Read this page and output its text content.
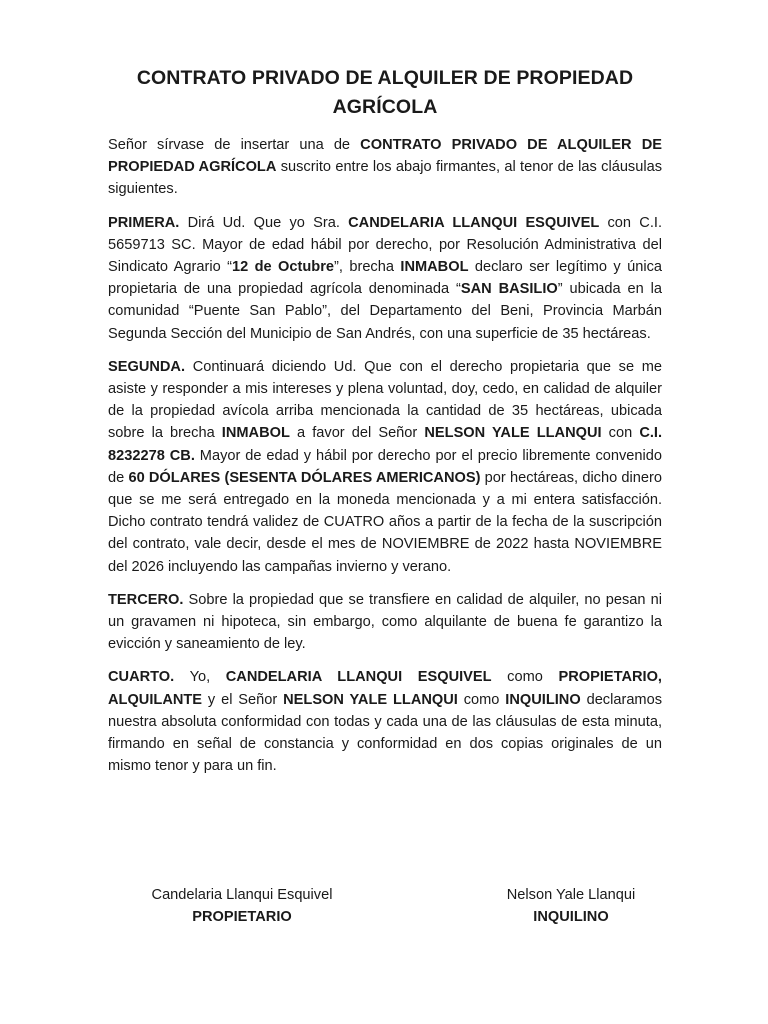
CONTRATO PRIVADO DE ALQUILER DE PROPIEDAD AGRÍCOLA

Señor sírvase de insertar una de CONTRATO PRIVADO DE ALQUILER DE PROPIEDAD AGRÍCOLA suscrito entre los abajo firmantes, al tenor de las cláusulas siguientes.

PRIMERA. Dirá Ud. Que yo Sra. CANDELARIA LLANQUI ESQUIVEL con C.I. 5659713 SC. Mayor de edad hábil por derecho, por Resolución Administrativa del Sindicato Agrario “12 de Octubre”, brecha INMABOL declaro ser legítimo y única propietaria de una propiedad agrícola denominada “SAN BASILIO” ubicada en la comunidad “Puente San Pablo”, del Departamento del Beni, Provincia Marbán Segunda Sección del Municipio de San Andrés, con una superficie de 35 hectáreas.

SEGUNDA. Continuará diciendo Ud. Que con el derecho propietaria que se me asiste y responder a mis intereses y plena voluntad, doy, cedo, en calidad de alquiler de la propiedad avícola arriba mencionada la cantidad de 35 hectáreas, ubicada sobre la brecha INMABOL a favor del Señor NELSON YALE LLANQUI con C.I. 8232278 CB. Mayor de edad y hábil por derecho por el precio libremente convenido de 60 DÓLARES (SESENTA DÓLARES AMERICANOS) por hectáreas, dicho dinero que se me será entregado en la moneda mencionada y a mi entera satisfacción. Dicho contrato tendrá validez de CUATRO años a partir de la fecha de la suscripción del contrato, vale decir, desde el mes de NOVIEMBRE de 2022 hasta NOVIEMBRE del 2026 incluyendo las campañas invierno y verano.

TERCERO. Sobre la propiedad que se transfiere en calidad de alquiler, no pesan ni un gravamen ni hipoteca, sin embargo, como alquilante de buena fe garantizo la evicción y saneamiento de ley.

CUARTO. Yo, CANDELARIA LLANQUI ESQUIVEL como PROPIETARIO, ALQUILANTE y el Señor NELSON YALE LLANQUI como INQUILINO declaramos nuestra absoluta conformidad con todas y cada una de las cláusulas de esta minuta, firmando en señal de constancia y conformidad en dos copias originales de un mismo tenor y para un fin.

Candelaria Llanqui Esquivel
PROPIETARIO
Nelson Yale Llanqui
INQUILINO
